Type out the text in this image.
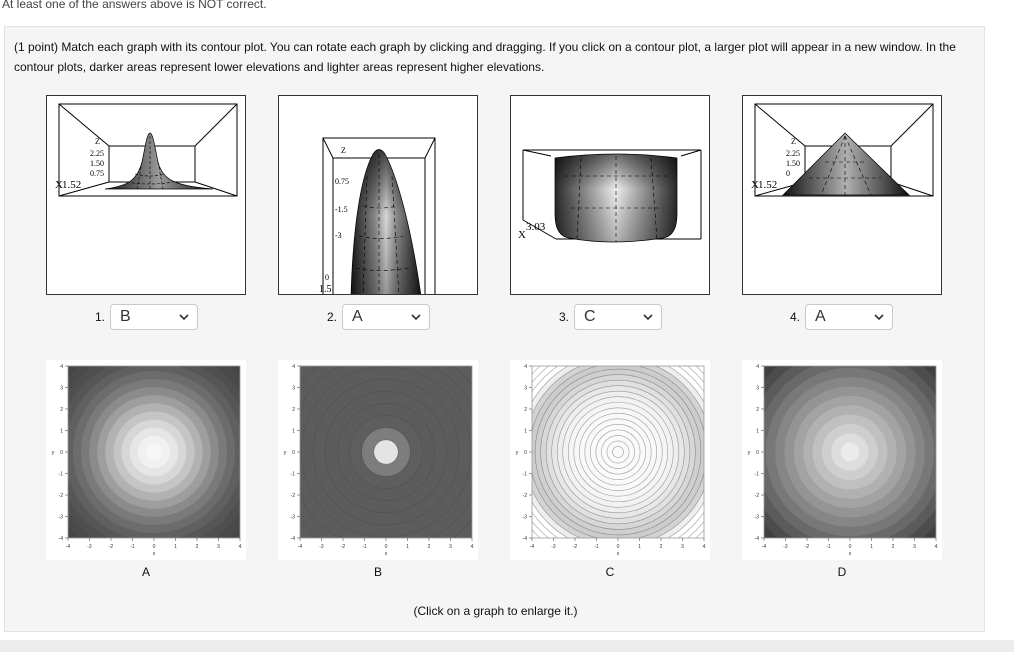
At least one of the answers above is NOT correct.
(1 point) Match each graph with its contour plot. You can rotate each graph by clicking and dragging. If you click on a contour plot, a larger plot will appear in a new window. In the contour plots, darker areas represent lower elevations and lighter areas represent higher elevations.
Z
2.25
1.50
0.75
X 1.52
Z
0.75
-1.5
-3
0
1.5
X
3.03
Z
2.25
1.50
0
X 1.52
1. B	2. A	3. C	4. A
-4	-3	-2	-1	0	1	2	3	4
4
3
2
1
0
-1
-2
-3
-4
x
y
-4	-3	-2	-1	0	1	2	3	4
4
3
2
1
0
-1
-2
-3
-4
x
y
-4	-3	-2	-1	0	1	2	3	4
4
3
2
1
0
-1
-2
-3
-4
x
y
-4	-3	-2	-1	0	1	2	3	4
4
3
2
1
0
-1
-2
-3
-4
x
y
A	B	C	D
(Click on a graph to enlarge it.)
